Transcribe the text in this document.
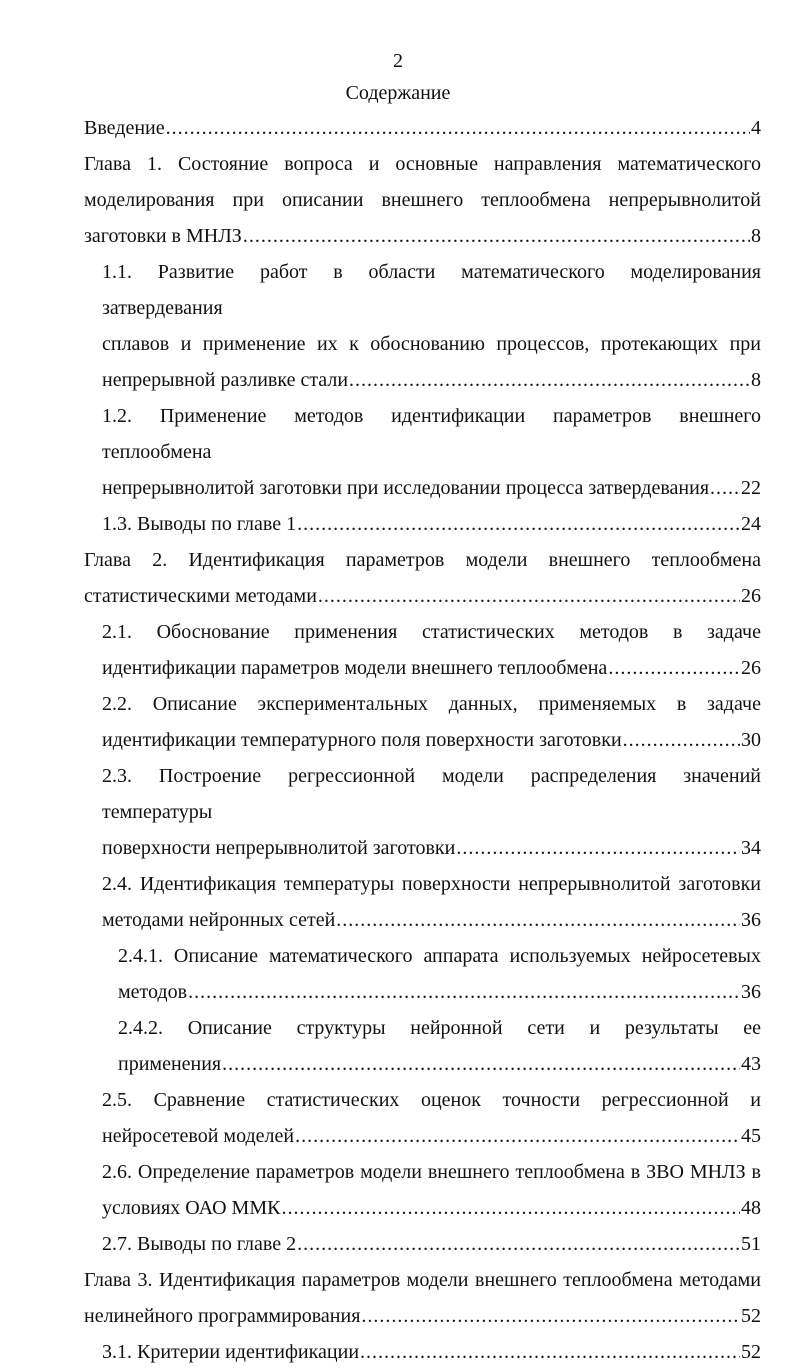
2
Содержание
Введение .....	4
Глава 1. Состояние вопроса и основные направления математического
моделирования при описании внешнего теплообмена непрерывнолитой
заготовки в МНЛЗ .....	8
1.1. Развитие работ в области математического моделирования затвердевания
сплавов и применение их к обоснованию процессов, протекающих при
непрерывной разливке стали .....	8
1.2. Применение методов идентификации параметров внешнего теплообмена
непрерывнолитой заготовки при исследовании процесса затвердевания ..... 22
1.3. Выводы по главе 1 .....	24
Глава 2. Идентификация параметров модели внешнего теплообмена
статистическими методами .....	26
2.1. Обоснование применения статистических методов в задаче
идентификации параметров модели внешнего теплообмена .....	26
2.2. Описание экспериментальных данных, применяемых в задаче
идентификации температурного поля поверхности заготовки .....	30
2.3. Построение регрессионной модели распределения значений температуры
поверхности непрерывнолитой заготовки .....	34
2.4. Идентификация температуры поверхности непрерывнолитой заготовки
методами нейронных сетей .....	36
2.4.1. Описание математического аппарата используемых нейросетевых
методов .....	36
2.4.2. Описание структуры нейронной сети и результаты ее
применения .....	43
2.5. Сравнение статистических оценок точности регрессионной и
нейросетевой моделей .....	45
2.6. Определение параметров модели внешнего теплообмена в ЗВО МНЛЗ в
условиях ОАО ММК .....	48
2.7. Выводы по главе 2 .....	51
Глава 3. Идентификация параметров модели внешнего теплообмена методами
нелинейного программирования .....	52
3.1. Критерии идентификации .....	52
